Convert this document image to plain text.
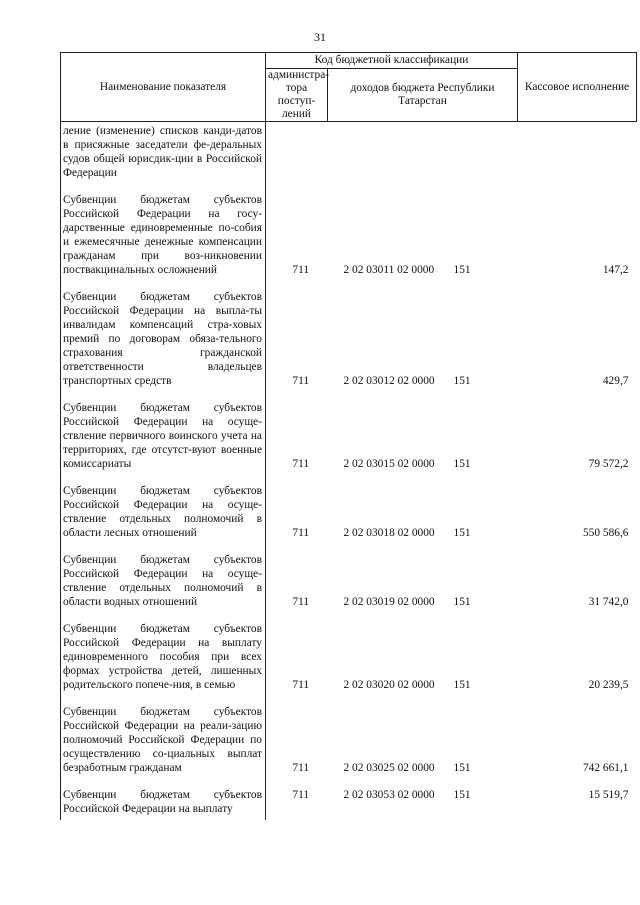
31
Наименование показателя	Код бюджетной классификации			Кассовое исполнение
	администра-тора поступ-лений	доходов бюджета Республики Татарстан		
ление (изменение) списков канди-датов в присяжные заседатели фе-деральных судов общей юрисдик-ции в Российской Федерации				

Субвенции бюджетам субъектов Российской Федерации на госу-дарственные единовременные по-собия и ежемесячные денежные компенсации гражданам при воз-никновении поствакцинальных осложнений	711	2 02 03011 02 0000	151	147,2

Субвенции бюджетам субъектов Российской Федерации на выпла-ты инвалидам компенсаций стра-ховых премий по договорам обяза-тельного страхования гражданской ответственности владельцев транспортных средств	711	2 02 03012 02 0000	151	429,7

Субвенции бюджетам субъектов Российской Федерации на осуще-ствление первичного воинского учета на территориях, где отсутст-вуют военные комиссариаты	711	2 02 03015 02 0000	151	79 572,2

Субвенции бюджетам субъектов Российской Федерации на осуще-ствление отдельных полномочий в области лесных отношений	711	2 02 03018 02 0000	151	550 586,6

Субвенции бюджетам субъектов Российской Федерации на осуще-ствление отдельных полномочий в области водных отношений	711	2 02 03019 02 0000	151	31 742,0

Субвенции бюджетам субъектов Российской Федерации на выплату единовременного пособия при всех формах устройства детей, лишенных родительского попече-ния, в семью	711	2 02 03020 02 0000	151	20 239,5

Субвенции бюджетам субъектов Российской Федерации на реали-зацию полномочий Российской Федерации по осуществлению со-циальных выплат безработным гражданам	711	2 02 03025 02 0000	151	742 661,1

Субвенции бюджетам субъектов Российской Федерации на выплату	711	2 02 03053 02 0000	151	15 519,7
